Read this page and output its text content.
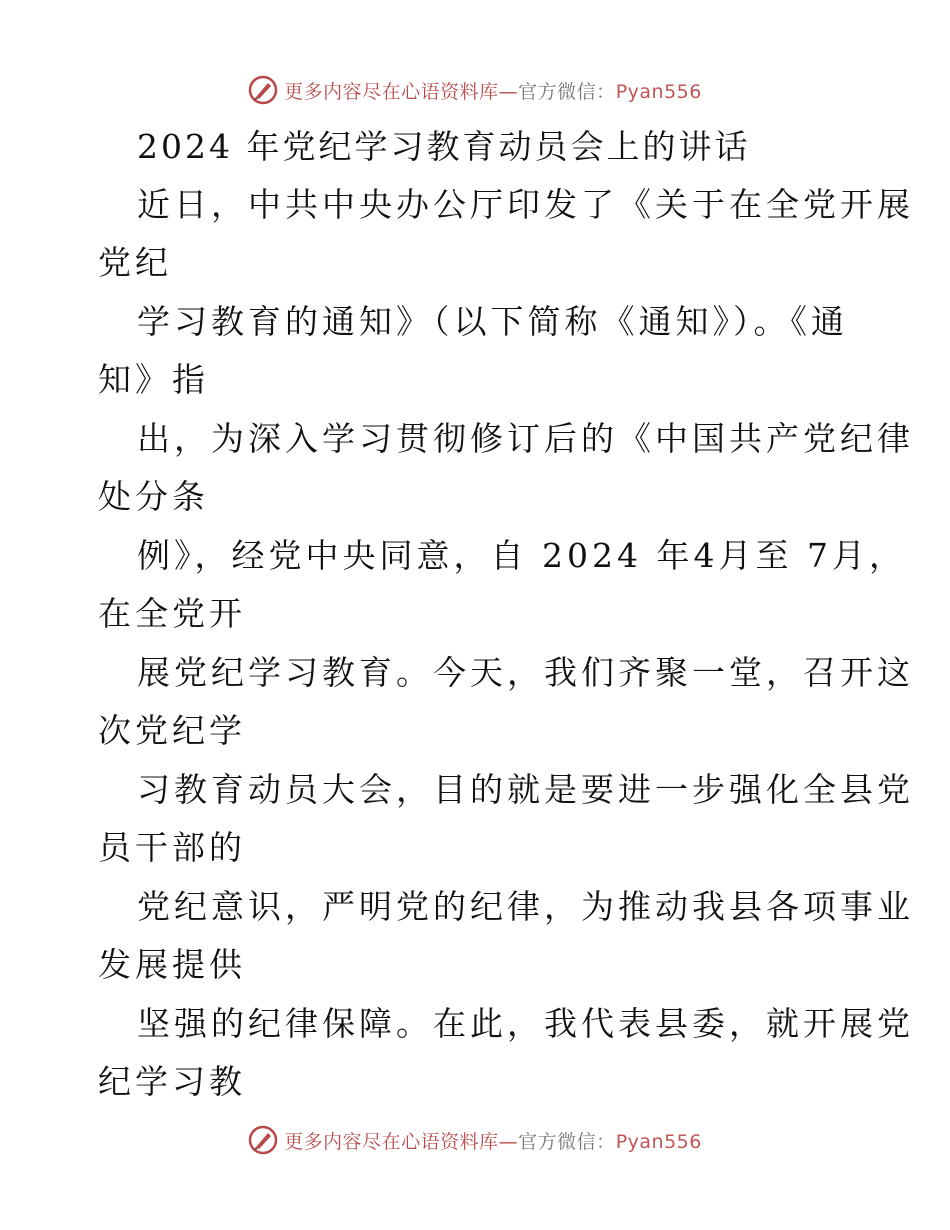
更多内容尽在心语资料库—官方微信：Pyan556
2024 年党纪学习教育动员会上的讲话
近日，中共中央办公厅印发了《关于在全党开展
党纪
学习教育的通知》（以下简称《通知》）。《通
知》指
出，为深入学习贯彻修订后的《中国共产党纪律
处分条
例》，经党中央同意，自 2024 年4月至 7月，
在全党开
展党纪学习教育。今天，我们齐聚一堂，召开这
次党纪学
习教育动员大会，目的就是要进一步强化全县党
员干部的
党纪意识，严明党的纪律，为推动我县各项事业
发展提供
坚强的纪律保障。在此，我代表县委，就开展党
纪学习教
更多内容尽在心语资料库—官方微信：Pyan556
